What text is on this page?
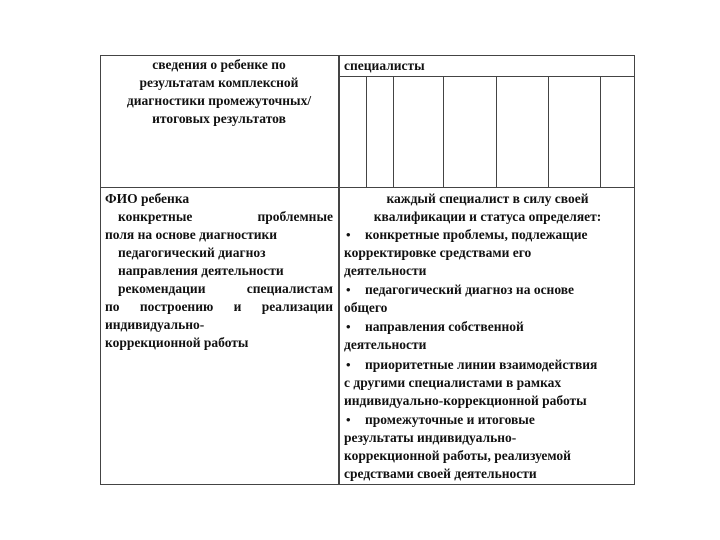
сведения о ребенке по
результатам комплексной
диагностики промежуточных/
итоговых результатов
специалисты
ФИО ребенка
конкретные проблемные
поля на основе диагностики
педагогический диагноз
направления деятельности
рекомендации специалистам
по построению и реализации
индивидуально-
коррекционной работы
каждый специалист в силу своей
квалификации и статуса определяет:
• конкретные проблемы, подлежащие
корректировке средствами его
деятельности
• педагогический диагноз на основе
общего
• направления собственной
деятельности
• приоритетные линии взаимодействия
с другими специалистами в рамках
индивидуально-коррекционной работы
• промежуточные и итоговые
результаты индивидуально-
коррекционной работы, реализуемой
средствами своей деятельности
